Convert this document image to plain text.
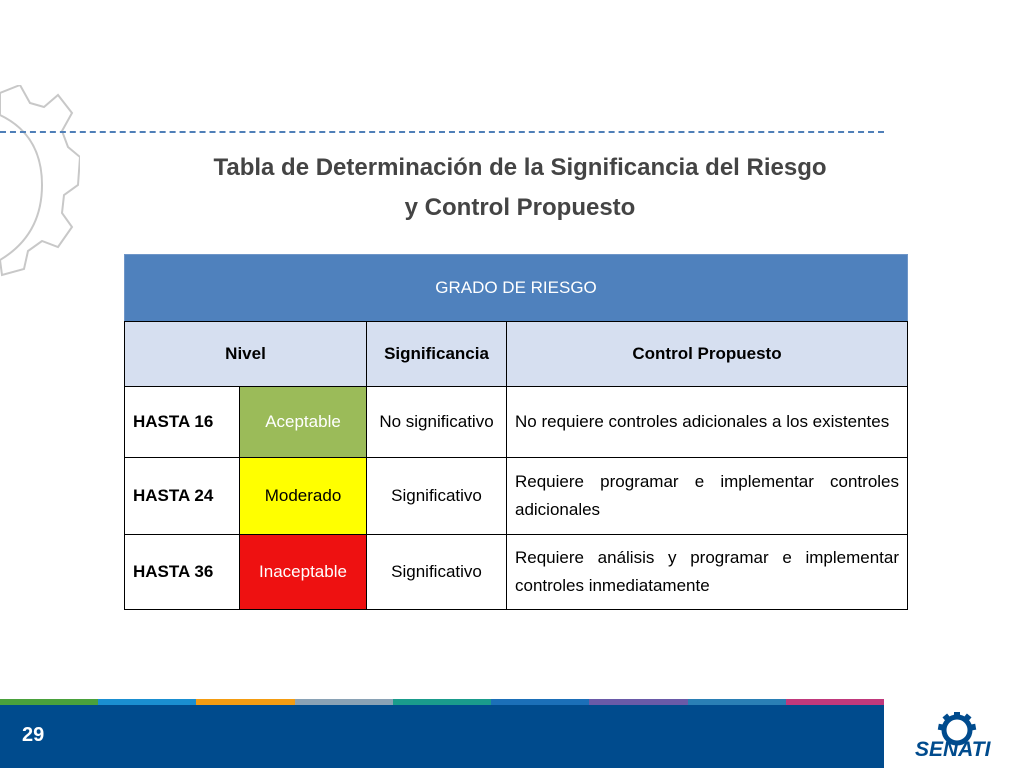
Tabla de Determinación de la Significancia del Riesgo
y Control Propuesto
GRADO DE RIESGO			
Nivel		Significancia	Control Propuesto
HASTA 16	Aceptable	No significativo	No requiere controles adicionales a los existentes
HASTA 24	Moderado	Significativo	Requiere programar e implementar controles adicionales
HASTA 36	Inaceptable	Significativo	Requiere análisis y programar e implementar controles inmediatamente
29
SENATI
